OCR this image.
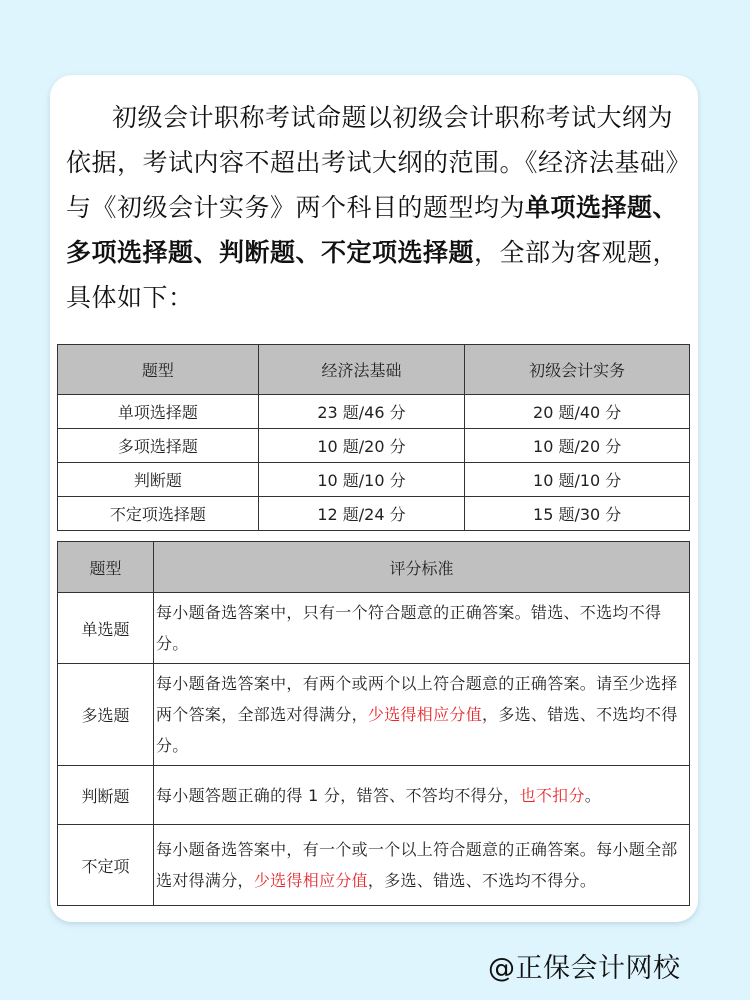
初级会计职称考试命题以初级会计职称考试大纲为依据，考试内容不超出考试大纲的范围。《经济法基础》与《初级会计实务》两个科目的题型均为单项选择题、多项选择题、判断题、不定项选择题，全部为客观题，具体如下：
题型	经济法基础	初级会计实务
单项选择题	23 题/46 分	20 题/40 分
多项选择题	10 题/20 分	10 题/20 分
判断题	10 题/10 分	10 题/10 分
不定项选择题	12 题/24 分	15 题/30 分
题型	评分标准
单选题	每小题备选答案中，只有一个符合题意的正确答案。错选、不选均不得分。
多选题	每小题备选答案中，有两个或两个以上符合题意的正确答案。请至少选择两个答案，全部选对得满分，少选得相应分值，多选、错选、不选均不得分。
判断题	每小题答题正确的得 1 分，错答、不答均不得分，也不扣分。
不定项	每小题备选答案中，有一个或一个以上符合题意的正确答案。每小题全部选对得满分，少选得相应分值，多选、错选、不选均不得分。
@正保会计网校
